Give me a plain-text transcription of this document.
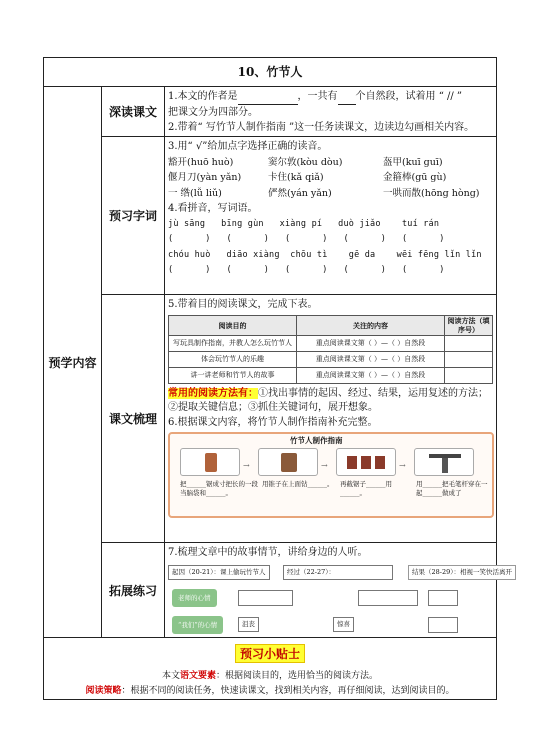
10、竹节人
预学内容
深读课文
1.本文的作者是	，一共有 个自然段，试着用 “ // ”
把课文分为四部分。
2.带着“ 写竹节人制作指南 ”这一任务读课文，边读边勾画相关内容。
预习字词
3.用“ √”给加点字选择正确的读音。
豁开(huō huò)	窦尔敦(kòu dòu)	盔甲(kuī guī)
偃月刀(yàn yǎn)	卡住(kǎ qiǎ)	金箍棒(gū gù)
一 绺(lǚ liǔ)	俨然(yán yǎn)	一哄而散(hōng hòng)
4.看拼音，写词语。
jù sāng   bīng gùn   xiàng pí   duò jiǎo    tuí rán
(      )   (      )   (      )   (      )   (      )
chóu huò   diāo xiàng  chōu tì    gē da    wēi fēng lǐn lǐn
(      )   (      )   (      )   (      )   (      )
课文梳理
5.带着目的阅读课文，完成下表。
阅读目的	关注的内容	阅读方法（填序号）
写玩具制作指南，并教人怎么玩竹节人	重点阅读课文第（ ）—（ ）自然段	
体会玩竹节人的乐趣	重点阅读课文第（ ）—（ ）自然段	
讲一讲老师和竹节人的故事	重点阅读课文第（ ）—（ ）自然段	
常用的阅读方法有：①找出事情的起因、经过、结果，运用复述的方法；②提取关键信息；③抓住关键词句，展开想象。
6.根据课文内容，将竹节人制作指南补充完整。
竹节人制作指南
→	→	→
把______锯成寸把长的一段当脑袋和______。
用锥子在上面钻______。	再截锯子______用______。
用______把毛笔杆穿在一起______做成了
拓展练习
7.梳理文章中的故事情节，讲给身边的人听。
起因（20-21）：课上偷玩竹节人	经过（22-27）：	结果（28-29）：相视一笑快活离开
老师的心情
“我们”的心情	沮丧	惊喜
预习小贴士
本文语文要素：根据阅读目的，选用恰当的阅读方法。
阅读策略：根据不同的阅读任务，快速读课文，找到相关内容，再仔细阅读，达到阅读目的。
